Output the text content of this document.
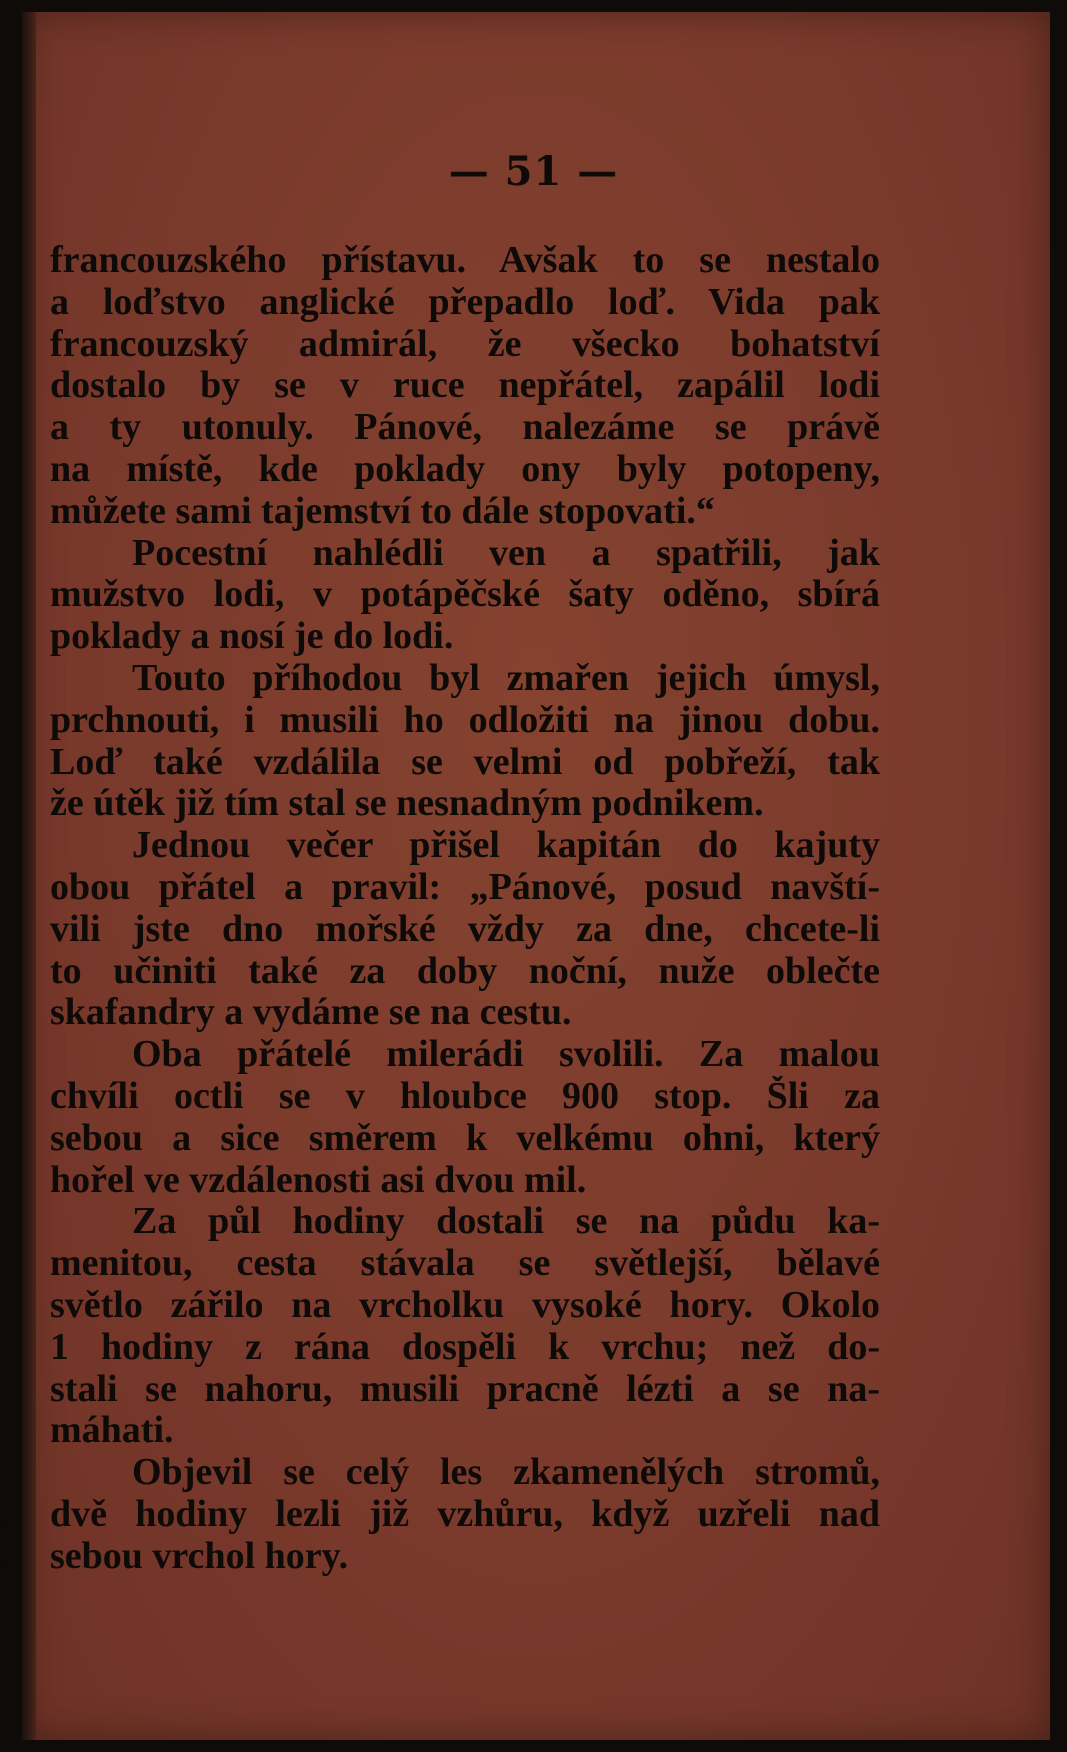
— 51 —
francouzského přístavu. Avšak to se nestalo
a loďstvo anglické přepadlo loď. Vida pak
francouzský admirál, že všecko bohatství
dostalo by se v ruce nepřátel, zapálil lodi
a ty utonuly. Pánové, nalezáme se právě
na místě, kde poklady ony byly potopeny,
můžete sami tajemství to dále stopovati.“
Pocestní nahlédli ven a spatřili, jak
mužstvo lodi, v potápěčské šaty oděno, sbírá
poklady a nosí je do lodi.
Touto příhodou byl zmařen jejich úmysl,
prchnouti, i musili ho odložiti na jinou dobu.
Loď také vzdálila se velmi od pobřeží, tak
že útěk již tím stal se nesnadným podnikem.
Jednou večer přišel kapitán do kajuty
obou přátel a pravil: „Pánové, posud navští-
vili jste dno mořské vždy za dne, chcete-li
to učiniti také za doby noční, nuže oblečte
skafandry a vydáme se na cestu.
Oba přátelé milerádi svolili. Za malou
chvíli octli se v hloubce 900 stop. Šli za
sebou a sice směrem k velkému ohni, který
hořel ve vzdálenosti asi dvou mil.
Za půl hodiny dostali se na půdu ka-
menitou, cesta stávala se světlejší, bělavé
světlo zářilo na vrcholku vysoké hory. Okolo
1 hodiny z rána dospěli k vrchu; než do-
stali se nahoru, musili pracně lézti a se na-
máhati.
Objevil se celý les zkamenělých stromů,
dvě hodiny lezli již vzhůru, když uzřeli nad
sebou vrchol hory.
